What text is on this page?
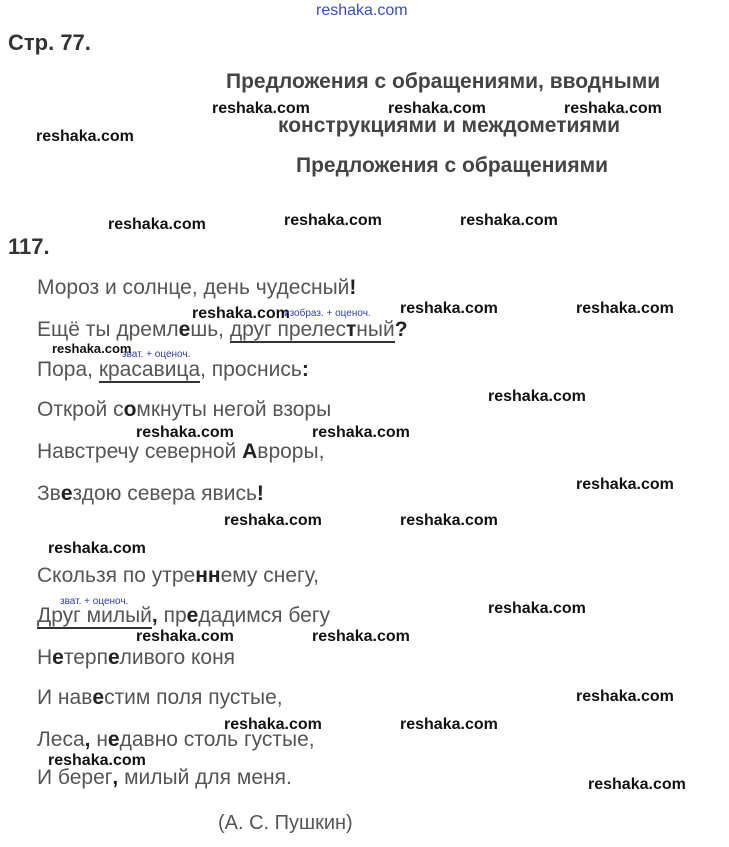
reshaka.com
Стр. 77.
Предложения с обращениями, вводными
конструкциями и междометиями
Предложения с обращениями
117.
reshaka.com	reshaka.com	reshaka.com
reshaka.com
reshaka.com	reshaka.com	reshaka.com
reshaka.com	reshaka.com	reshaka.com
reshaka.com
reshaka.com
reshaka.com	reshaka.com
reshaka.com
reshaka.com	reshaka.com
reshaka.com
reshaka.com
reshaka.com	reshaka.com
reshaka.com
reshaka.com	reshaka.com
reshaka.com
reshaka.com
изобраз. + оценоч.
зват. + оценоч.
зват. + оценоч.
Мороз и солнце, день чудесный!
Ещё ты дремлешь, друг прелестный?
Пора, красавица, проснись:
Открой сомкнуты негой взоры
Навстречу северной Авроры,
Звездою севера явись!
Скользя по утреннему снегу,
Друг милый, предадимся бегу
Нетерпеливого коня
И навестим поля пустые,
Леса, недавно столь густые,
И берег, милый для меня.
(А. С. Пушкин)
